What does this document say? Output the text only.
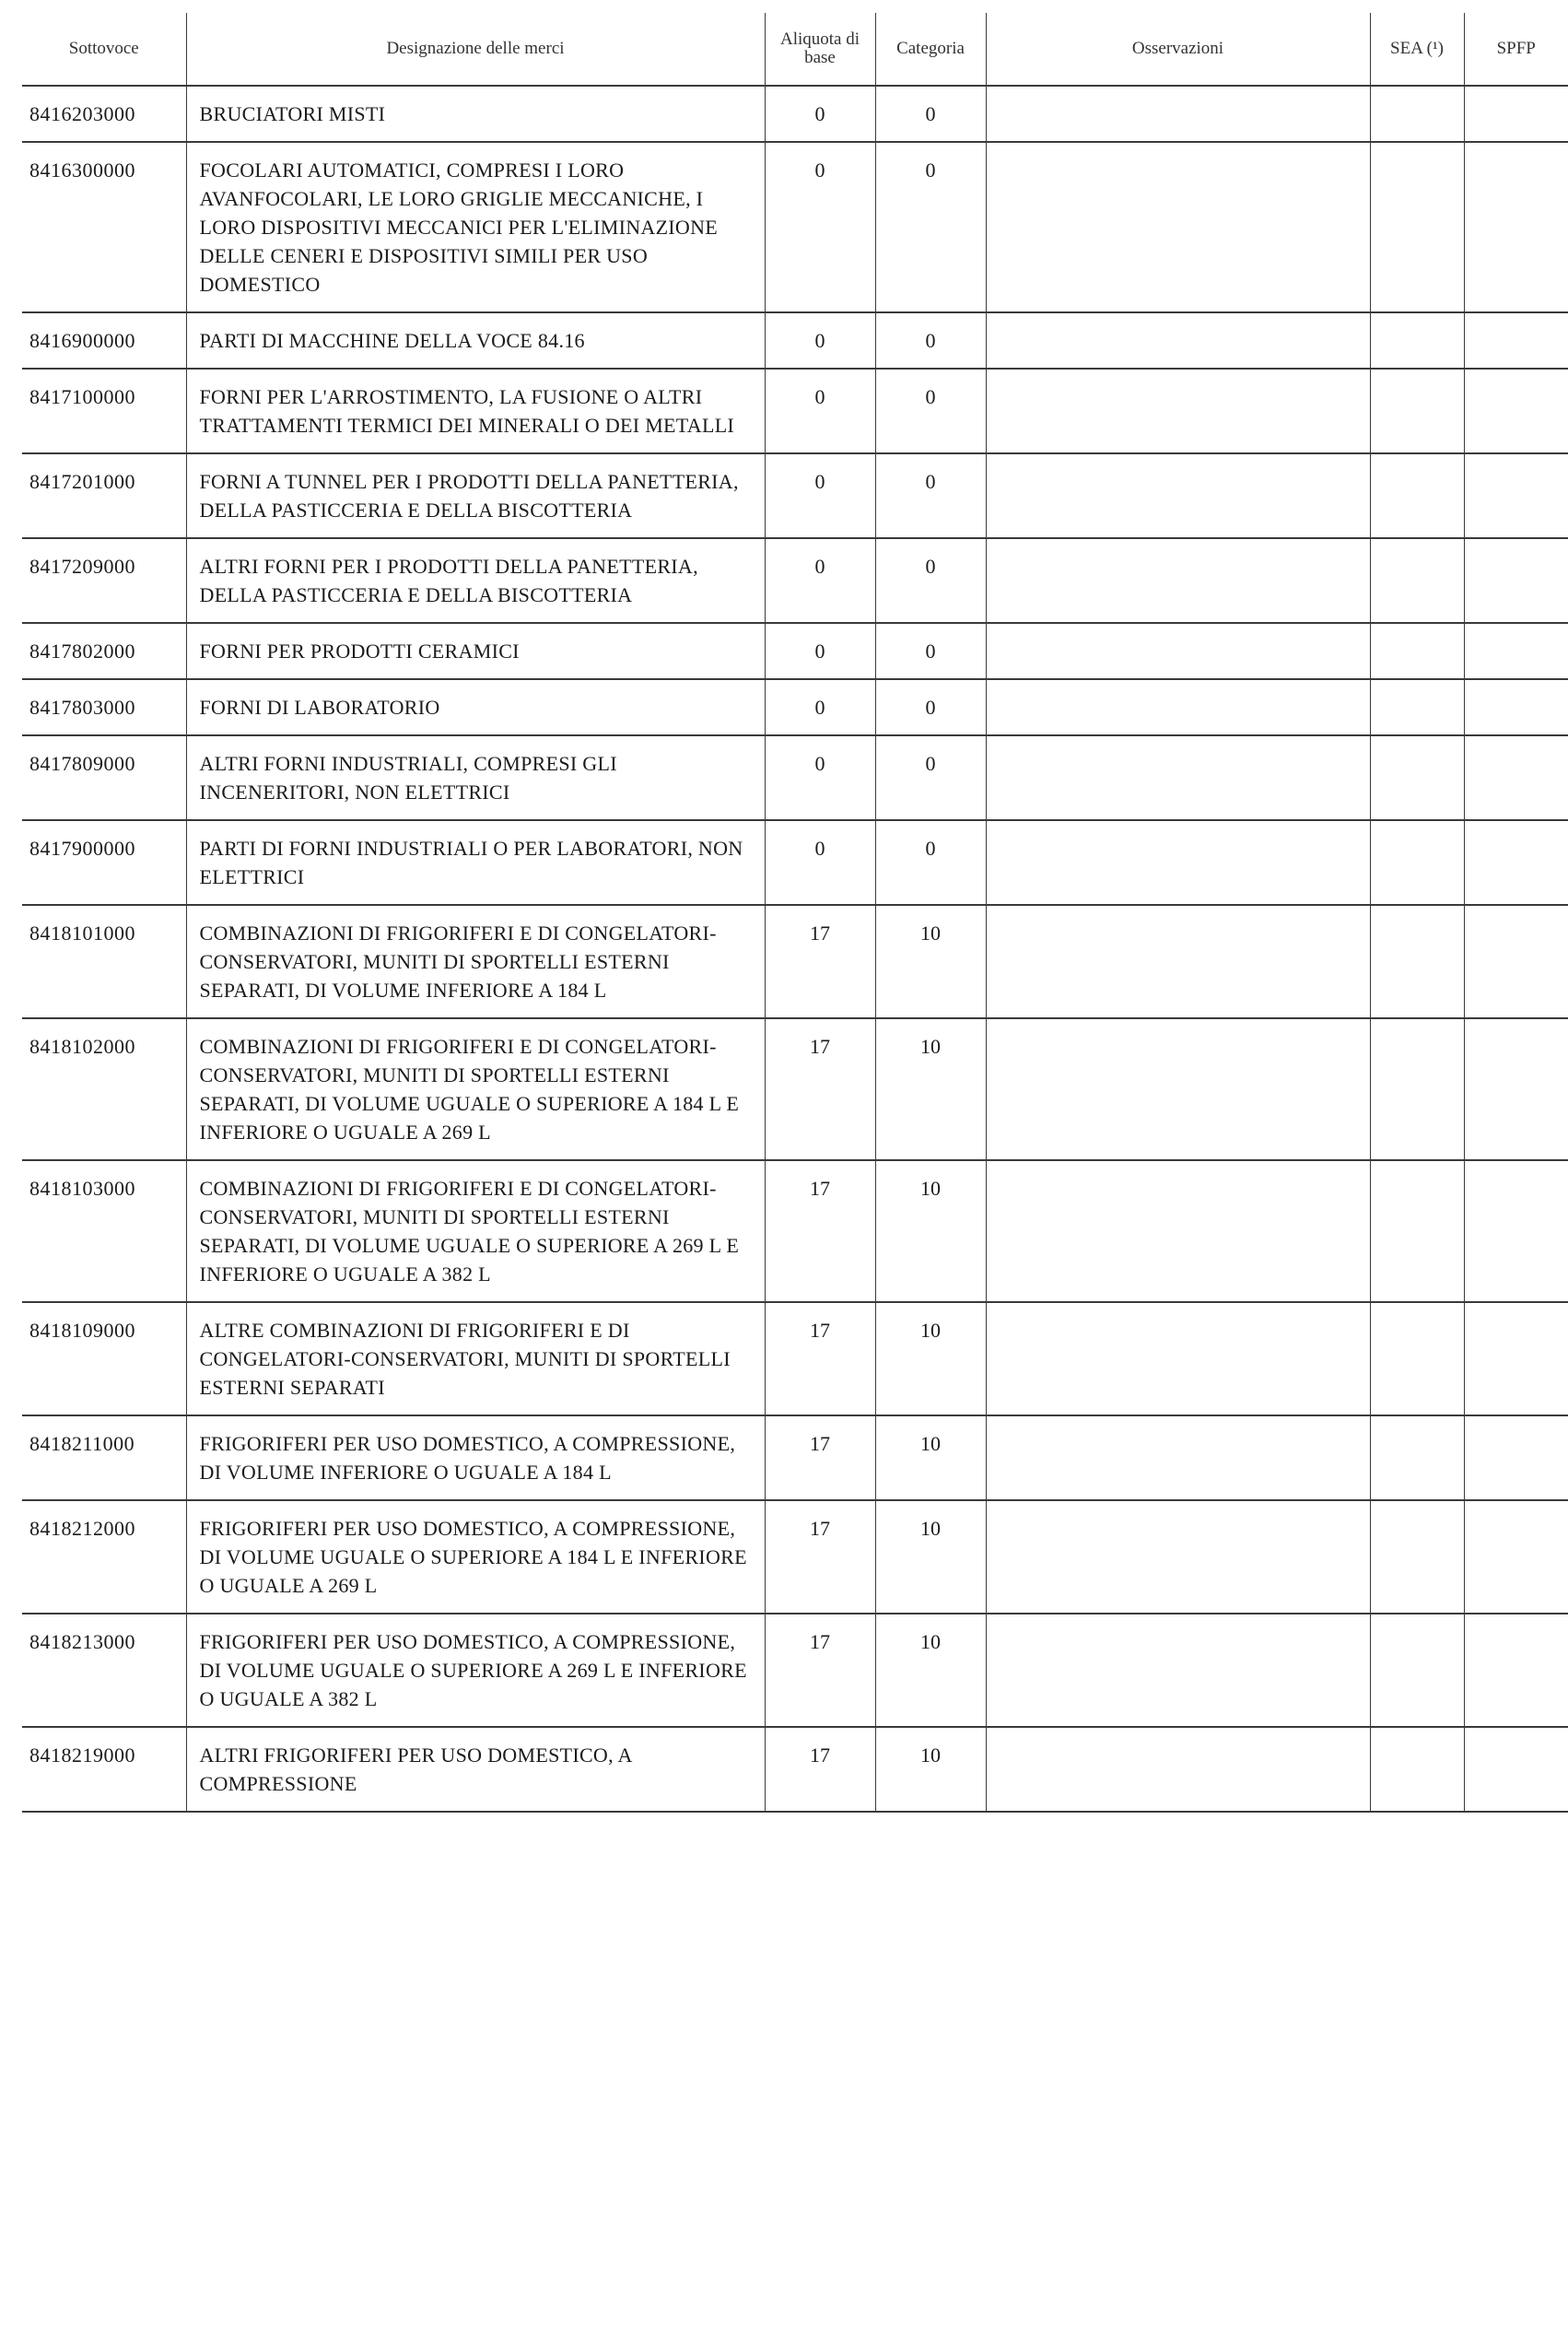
Sottovoce	Designazione delle merci	Aliquota di base	Categoria	Osservazioni	SEA (¹)	SPFP
8416203000	BRUCIATORI MISTI	0	0			
8416300000	FOCOLARI AUTOMATICI, COMPRESI I LORO AVANFOCOLARI, LE LORO GRIGLIE MECCANICHE, I LORO DISPOSITIVI MECCANICI PER L'ELIMINAZIONE DELLE CENERI E DISPOSITIVI SIMILI PER USO DOMESTICO	0	0			
8416900000	PARTI DI MACCHINE DELLA VOCE 84.16	0	0			
8417100000	FORNI PER L'ARROSTIMENTO, LA FUSIONE O ALTRI TRATTAMENTI TERMICI DEI MINERALI O DEI METALLI	0	0			
8417201000	FORNI A TUNNEL PER I PRODOTTI DELLA PANETTERIA, DELLA PASTICCERIA E DELLA BISCOTTERIA	0	0			
8417209000	ALTRI FORNI PER I PRODOTTI DELLA PANETTERIA, DELLA PASTICCERIA E DELLA BISCOTTERIA	0	0			
8417802000	FORNI PER PRODOTTI CERAMICI	0	0			
8417803000	FORNI DI LABORATORIO	0	0			
8417809000	ALTRI FORNI INDUSTRIALI, COMPRESI GLI INCENERITORI, NON ELETTRICI	0	0			
8417900000	PARTI DI FORNI INDUSTRIALI O PER LABORATORI, NON ELETTRICI	0	0			
8418101000	COMBINAZIONI DI FRIGORIFERI E DI CONGELATORI-CONSERVATORI, MUNITI DI SPORTELLI ESTERNI SEPARATI, DI VOLUME INFERIORE A 184 L	17	10			
8418102000	COMBINAZIONI DI FRIGORIFERI E DI CONGELATORI-CONSERVATORI, MUNITI DI SPORTELLI ESTERNI SEPARATI, DI VOLUME UGUALE O SUPERIORE A 184 L E INFERIORE O UGUALE A 269 L	17	10			
8418103000	COMBINAZIONI DI FRIGORIFERI E DI CONGELATORI-CONSERVATORI, MUNITI DI SPORTELLI ESTERNI SEPARATI, DI VOLUME UGUALE O SUPERIORE A 269 L E INFERIORE O UGUALE A 382 L	17	10			
8418109000	ALTRE COMBINAZIONI DI FRIGORIFERI E DI CONGELATORI-CONSERVATORI, MUNITI DI SPORTELLI ESTERNI SEPARATI	17	10			
8418211000	FRIGORIFERI PER USO DOMESTICO, A COMPRESSIONE, DI VOLUME INFERIORE O UGUALE A 184 L	17	10			
8418212000	FRIGORIFERI PER USO DOMESTICO, A COMPRESSIONE, DI VOLUME UGUALE O SUPERIORE A 184 L E INFERIORE O UGUALE A 269 L	17	10			
8418213000	FRIGORIFERI PER USO DOMESTICO, A COMPRESSIONE, DI VOLUME UGUALE O SUPERIORE A 269 L E INFERIORE O UGUALE A 382 L	17	10			
8418219000	ALTRI FRIGORIFERI PER USO DOMESTICO, A COMPRESSIONE	17	10			
